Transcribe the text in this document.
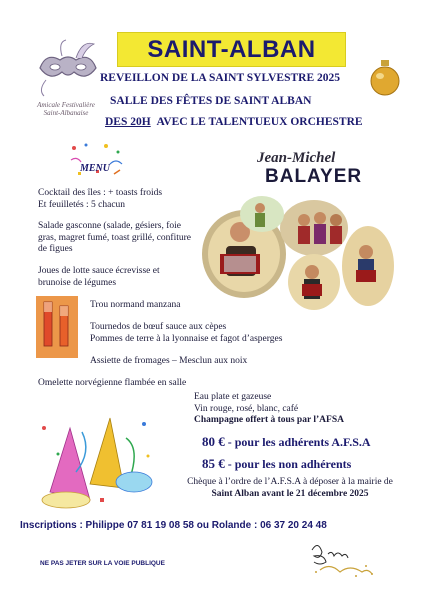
SAINT-ALBAN
Amicale Festivalière
Saint-Albanaise
REVEILLON DE LA SAINT SYLVESTRE 2025
SALLE DES FÊTES DE SAINT ALBAN
DES 20H AVEC LE TALENTUEUX ORCHESTRE
MENU
Jean-Michel
BALAYER
Cocktail des îles : + toasts froids
Et feuilletés : 5 chacun
Salade gasconne (salade, gésiers, foie
gras, magret fumé, toast grillé, confiture
de figues
Joues de lotte sauce écrevisse et
brunoise de légumes
Trou normand manzana
Tournedos de bœuf sauce aux cèpes
Pommes de terre à la lyonnaise et fagot d’asperges
Assiette de fromages – Mesclun aux noix
Omelette norvégienne flambée en salle
Eau plate et gazeuse
Vin rouge, rosé, blanc, café
Champagne offert à tous par l’AFSA
80 € - pour les adhérents A.F.S.A
85 € - pour les non adhérents
Chèque à l’ordre de l’A.F.S.A à déposer à la mairie de
Saint Alban avant le 21 décembre 2025
Inscriptions : Philippe 07 81 19 08 58 ou Rolande : 06 37 20 24 48
NE PAS JETER SUR LA VOIE PUBLIQUE
